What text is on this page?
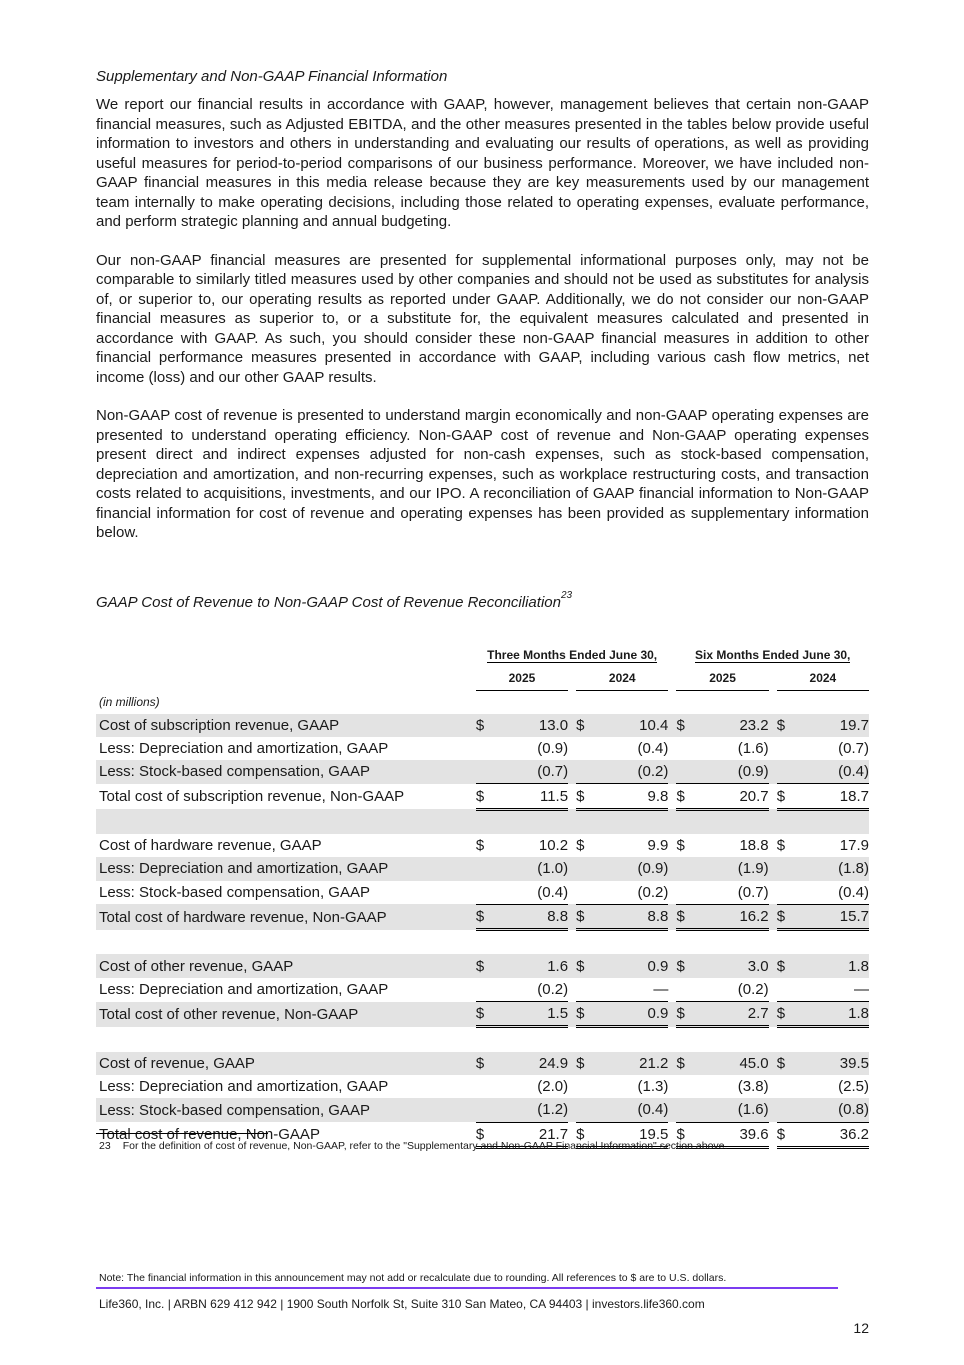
Supplementary and Non-GAAP Financial Information

We report our financial results in accordance with GAAP, however, management believes that certain non-GAAP financial measures, such as Adjusted EBITDA, and the other measures presented in the tables below provide useful information to investors and others in understanding and evaluating our results of operations, as well as providing useful measures for period-to-period comparisons of our business performance. Moreover, we have included non-GAAP financial measures in this media release because they are key measurements used by our management team internally to make operating decisions, including those related to operating expenses, evaluate performance, and perform strategic planning and annual budgeting.

Our non-GAAP financial measures are presented for supplemental informational purposes only, may not be comparable to similarly titled measures used by other companies and should not be used as substitutes for analysis of, or superior to, our operating results as reported under GAAP. Additionally, we do not consider our non-GAAP financial measures as superior to, or a substitute for, the equivalent measures calculated and presented in accordance with GAAP. As such, you should consider these non-GAAP financial measures in addition to other financial performance measures presented in accordance with GAAP, including various cash flow metrics, net income (loss) and our other GAAP results.

Non-GAAP cost of revenue is presented to understand margin economically and non-GAAP operating expenses are presented to understand operating efficiency. Non-GAAP cost of revenue and Non-GAAP operating expenses present direct and indirect expenses adjusted for non-cash expenses, such as stock-based compensation, depreciation and amortization, and non-recurring expenses, such as workplace restructuring costs, and transaction costs related to acquisitions, investments, and our IPO. A reconciliation of GAAP financial information to Non-GAAP financial information for cost of revenue and operating expenses has been provided as supplementary information below.

GAAP Cost of Revenue to Non-GAAP Cost of Revenue Reconciliation$^{23}$
		Three Months Ended June 30,						Six Months Ended June 30,				
		2025			2024			2025			2024	
(in millions)												
Cost of subscription revenue, GAAP		$	13.0		$	10.4		$	23.2		$	19.7
Less: Depreciation and amortization, GAAP			(0.9)			(0.4)			(1.6)			(0.7)
Less: Stock-based compensation, GAAP			(0.7)			(0.2)			(0.9)			(0.4)
Total cost of subscription revenue, Non-GAAP		$	11.5		$	9.8		$	20.7		$	18.7

Cost of hardware revenue, GAAP		$	10.2		$	9.9		$	18.8		$	17.9
Less: Depreciation and amortization, GAAP			(1.0)			(0.9)			(1.9)			(1.8)
Less: Stock-based compensation, GAAP			(0.4)			(0.2)			(0.7)			(0.4)
Total cost of hardware revenue, Non-GAAP		$	8.8		$	8.8		$	16.2		$	15.7

Cost of other revenue, GAAP		$	1.6		$	0.9		$	3.0		$	1.8
Less: Depreciation and amortization, GAAP			(0.2)			—			(0.2)			—
Total cost of other revenue, Non-GAAP		$	1.5		$	0.9		$	2.7		$	1.8

Cost of revenue, GAAP		$	24.9		$	21.2		$	45.0		$	39.5
Less: Depreciation and amortization, GAAP			(2.0)			(1.3)			(3.8)			(2.5)
Less: Stock-based compensation, GAAP			(1.2)			(0.4)			(1.6)			(0.8)
Total cost of revenue, Non-GAAP		$	21.7		$	19.5		$	39.6		$	36.2
23 For the definition of cost of revenue, Non-GAAP, refer to the "Supplementary and Non-GAAP Financial Information" section above.
Note: The financial information in this announcement may not add or recalculate due to rounding. All references to $ are to U.S. dollars.
Life360, Inc. | ARBN 629 412 942 | 1900 South Norfolk St, Suite 310 San Mateo, CA 94403 | investors.life360.com
12
